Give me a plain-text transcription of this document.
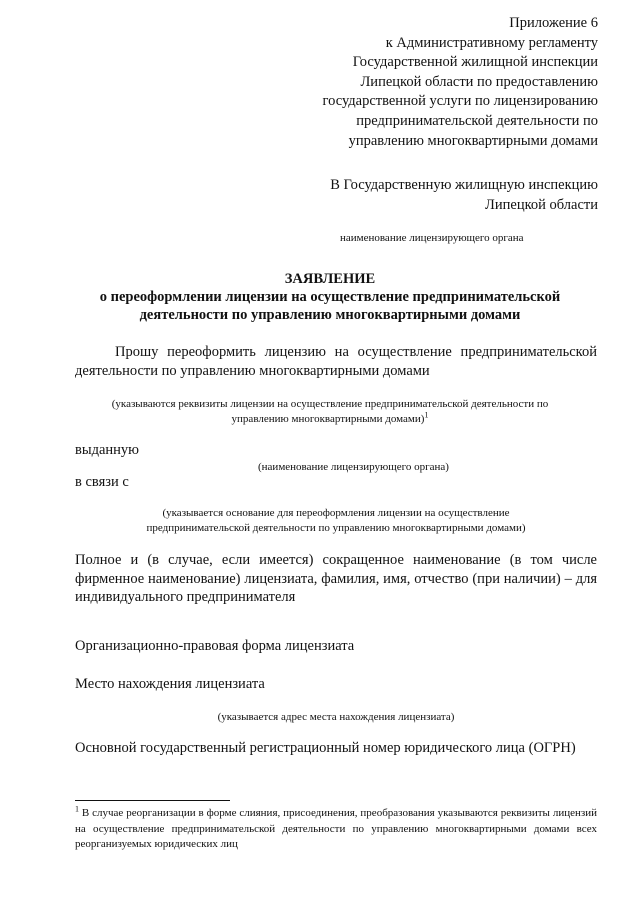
Приложение 6
к Административному регламенту
Государственной жилищной инспекции
Липецкой области по предоставлению
государственной услуги по лицензированию
предпринимательской деятельности по
управлению многоквартирными домами
В Государственную жилищную инспекцию
Липецкой области
наименование лицензирующего органа
ЗАЯВЛЕНИЕ
о переоформлении лицензии на осуществление предпринимательской
деятельности по управлению многоквартирными домами
Прошу переоформить лицензию на осуществление предпринимательской деятельности по управлению многоквартирными домами
(указываются реквизиты лицензии на осуществление предпринимательской деятельности по
управлению многоквартирными домами)$^1$
выданную
(наименование лицензирующего органа)
в связи с
(указывается основание для переоформления лицензии на осуществление
предпринимательской деятельности по управлению многоквартирными домами)
Полное и (в случае, если имеется) сокращенное наименование (в том числе фирменное наименование) лицензиата, фамилия, имя, отчество (при наличии) – для индивидуального предпринимателя
Организационно-правовая форма лицензиата
Место нахождения лицензиата
(указывается адрес места нахождения лицензиата)
Основной государственный регистрационный номер юридического лица (ОГРН)
$^1$ В случае реорганизации в форме слияния, присоединения, преобразования указываются реквизиты лицензий на осуществление предпринимательской деятельности по управлению многоквартирными домами всех реорганизуемых юридических лиц
